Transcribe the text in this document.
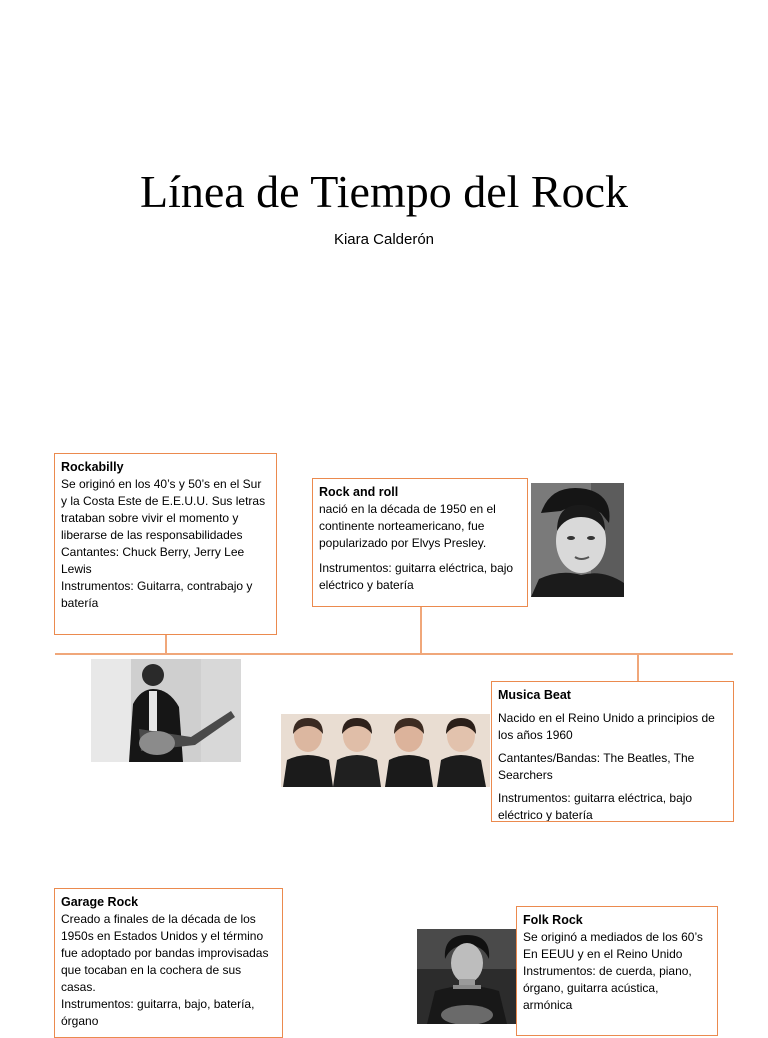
Línea de Tiempo del Rock
Kiara Calderón

Rockabilly

Se originó en los 40’s y 50’s en el Sur y la Costa Este de E.E.U.U. Sus letras trataban sobre vivir el momento y liberarse de las responsabilidades

Cantantes: Chuck Berry, Jerry Lee Lewis

Instrumentos: Guitarra, contrabajo y batería

Rock and roll

nació en la década de 1950 en el continente norteamericano, fue popularizado por Elvys Presley.

Instrumentos: guitarra eléctrica, bajo eléctrico y batería

Musica Beat

Nacido en el Reino Unido a principios de los años 1960

Cantantes/Bandas: The Beatles, The Searchers

Instrumentos: guitarra eléctrica, bajo eléctrico y batería

Garage Rock

Creado a finales de la década de los 1950s en Estados Unidos y el término fue adoptado por bandas improvisadas que tocaban en la cochera de sus casas.

Instrumentos: guitarra, bajo, batería, órgano

Folk Rock

Se originó a mediados de los 60’s

En EEUU y en el Reino Unido

Instrumentos: de cuerda, piano, órgano, guitarra acústica, armónica
